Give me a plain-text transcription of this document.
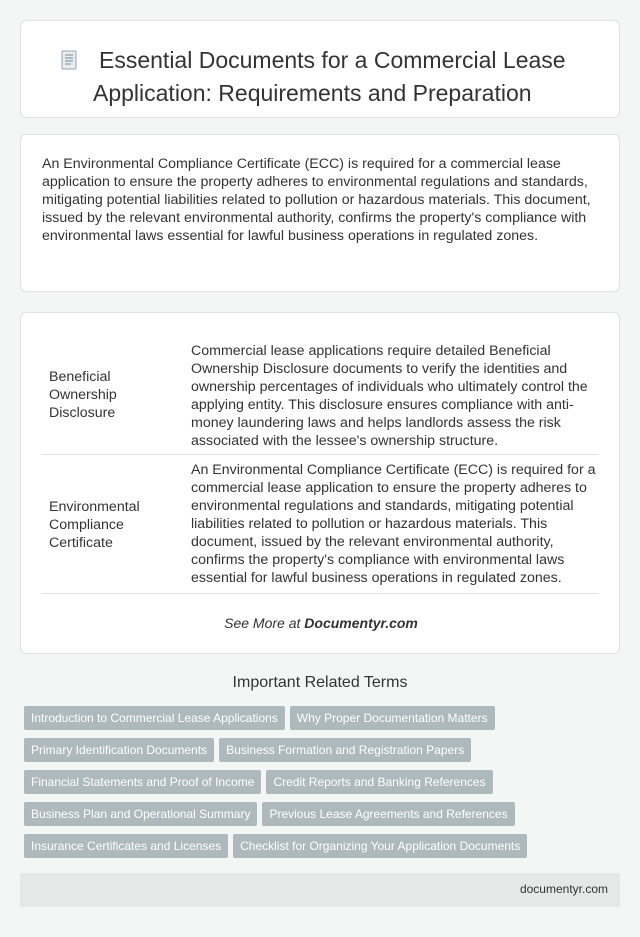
Essential Documents for a Commercial Lease
Application: Requirements and Preparation

An Environmental Compliance Certificate (ECC) is required for a commercial lease application to ensure the property adheres to environmental regulations and standards, mitigating potential liabilities related to pollution or hazardous materials. This document, issued by the relevant environmental authority, confirms the property's compliance with environmental laws essential for lawful business operations in regulated zones.

Beneficial Ownership Disclosure
Commercial lease applications require detailed Beneficial Ownership Disclosure documents to verify the identities and ownership percentages of individuals who ultimately control the applying entity. This disclosure ensures compliance with anti-money laundering laws and helps landlords assess the risk associated with the lessee's ownership structure.
Environmental Compliance Certificate
An Environmental Compliance Certificate (ECC) is required for a commercial lease application to ensure the property adheres to environmental regulations and standards, mitigating potential liabilities related to pollution or hazardous materials. This document, issued by the relevant environmental authority, confirms the property's compliance with environmental laws essential for lawful business operations in regulated zones.
See More at Documentyr.com
Important Related Terms
Introduction to Commercial Lease Applications Why Proper Documentation Matters
Primary Identification Documents Business Formation and Registration Papers
Financial Statements and Proof of Income Credit Reports and Banking References
Business Plan and Operational Summary Previous Lease Agreements and References
Insurance Certificates and Licenses Checklist for Organizing Your Application Documents
documentyr.com
